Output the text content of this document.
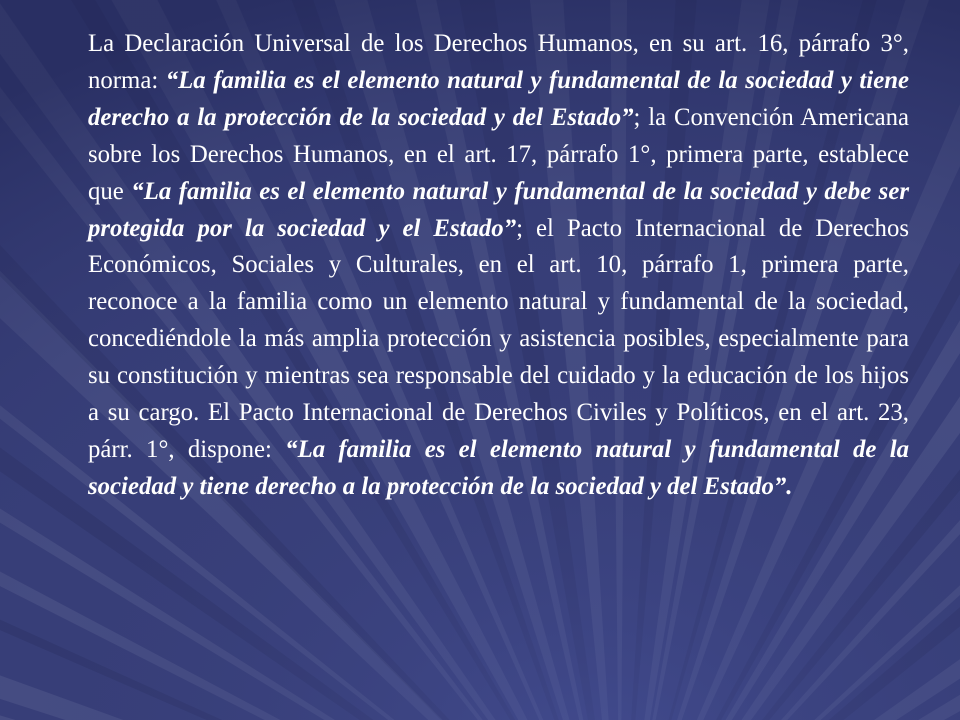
La Declaración Universal de los Derechos Humanos, en su art. 16, párrafo 3°, norma: “La familia es el elemento natural y fundamental de la sociedad y tiene derecho a la protección de la sociedad y del Estado”; la Convención Americana sobre los Derechos Humanos, en el art. 17, párrafo 1°, primera parte, establece que “La familia es el elemento natural y fundamental de la sociedad y debe ser protegida por la sociedad y el Estado”; el Pacto Internacional de Derechos Económicos, Sociales y Culturales, en el art. 10, párrafo 1, primera parte, reconoce a la familia como un elemento natural y fundamental de la sociedad, concediéndole la más amplia protección y asistencia posibles, especialmente para su constitución y mientras sea responsable del cuidado y la educación de los hijos a su cargo. El Pacto Internacional de Derechos Civiles y Políticos, en el art. 23, párr. 1°, dispone: “La familia es el elemento natural y fundamental de la sociedad y tiene derecho a la protección de la sociedad y del Estado”.
